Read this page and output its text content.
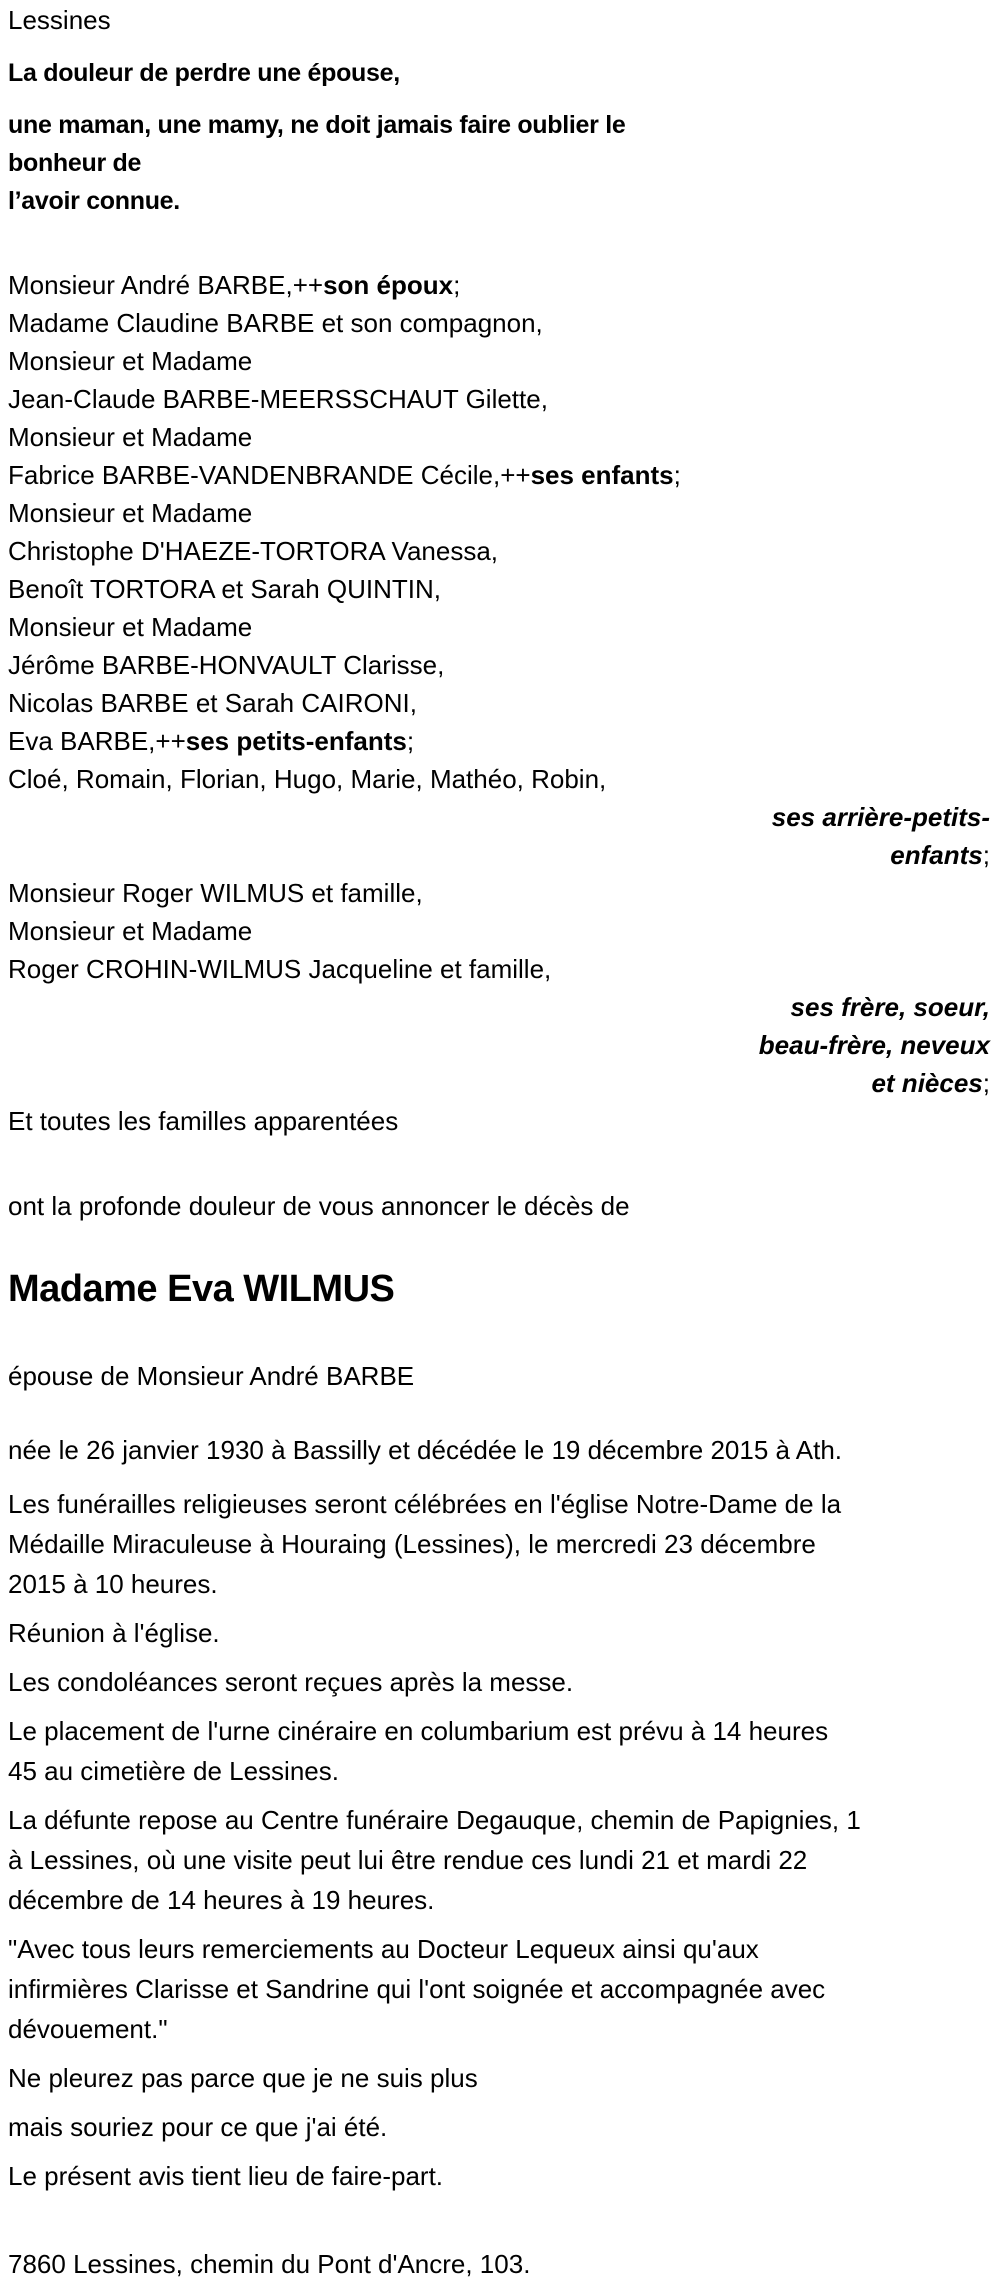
Lessines

La douleur de perdre une épouse,

une maman, une mamy, ne doit jamais faire oublier le bonheur de
l’avoir connue.

Monsieur André BARBE,++son époux;
Madame Claudine BARBE et son compagnon,
Monsieur et Madame
Jean-Claude BARBE-MEERSSCHAUT Gilette,
Monsieur et Madame
Fabrice BARBE-VANDENBRANDE Cécile,++ses enfants;
Monsieur et Madame
Christophe D'HAEZE-TORTORA Vanessa,
Benoît TORTORA et Sarah QUINTIN,
Monsieur et Madame
Jérôme BARBE-HONVAULT Clarisse,
Nicolas BARBE et Sarah CAIRONI,
Eva BARBE,++ses petits-enfants;
Cloé, Romain, Florian, Hugo, Marie, Mathéo, Robin,
ses arrière-petits-
enfants;
Monsieur Roger WILMUS et famille,
Monsieur et Madame
Roger CROHIN-WILMUS Jacqueline et famille,
ses frère, soeur,
beau-frère, neveux
et nièces;
Et toutes les familles apparentées

ont la profonde douleur de vous annoncer le décès de

Madame Eva WILMUS

épouse de Monsieur André BARBE

née le 26 janvier 1930 à Bassilly et décédée le 19 décembre 2015 à Ath.

Les funérailles religieuses seront célébrées en l'église Notre-Dame de la
Médaille Miraculeuse à Houraing (Lessines), le mercredi 23 décembre
2015 à 10 heures.

Réunion à l'église.

Les condoléances seront reçues après la messe.

Le placement de l'urne cinéraire en columbarium est prévu à 14 heures
45 au cimetière de Lessines.

La défunte repose au Centre funéraire Degauque, chemin de Papignies, 1
à Lessines, où une visite peut lui être rendue ces lundi 21 et mardi 22
décembre de 14 heures à 19 heures.

"Avec tous leurs remerciements au Docteur Lequeux ainsi qu'aux
infirmières Clarisse et Sandrine qui l'ont soignée et accompagnée avec
dévouement."

Ne pleurez pas parce que je ne suis plus

mais souriez pour ce que j'ai été.

Le présent avis tient lieu de faire-part.

7860 Lessines, chemin du Pont d'Ancre, 103.
